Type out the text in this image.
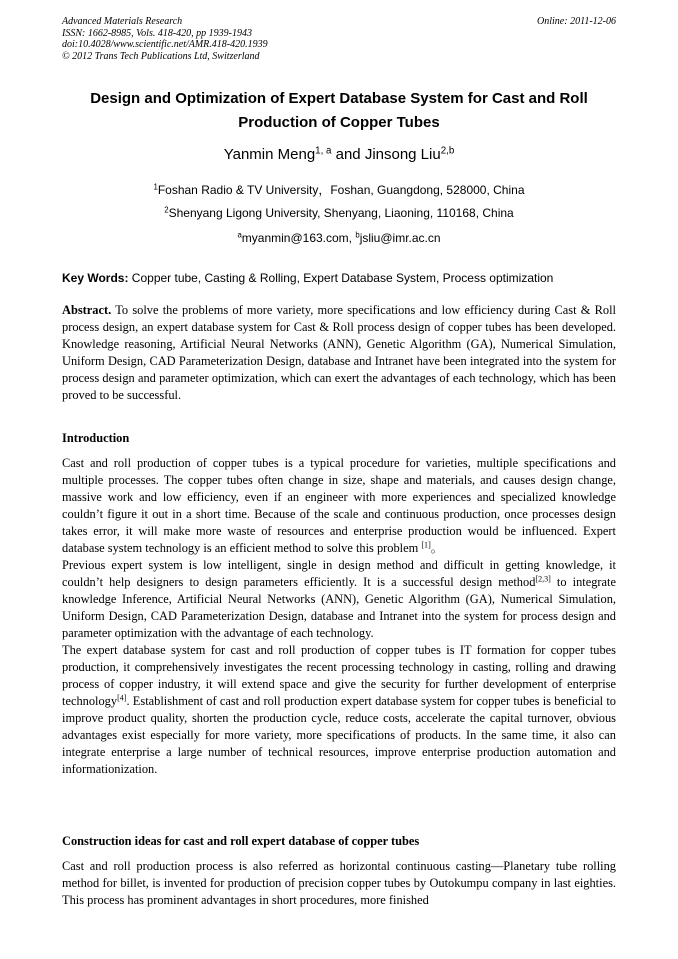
Advanced Materials Research
ISSN: 1662-8985, Vols. 418-420, pp 1939-1943
doi:10.4028/www.scientific.net/AMR.418-420.1939
© 2012 Trans Tech Publications Ltd, Switzerland
Online: 2011-12-06
Design and Optimization of Expert Database System for Cast and Roll Production of Copper Tubes
Yanmin Meng$^{1, a}$ and Jinsong Liu$^{2,b}$
$^1$Foshan Radio & TV University，Foshan, Guangdong, 528000, China
$^2$Shenyang Ligong University, Shenyang, Liaoning, 110168, China
$^a$myanmin@163.com, $^b$jsliu@imr.ac.cn
Key Words: Copper tube, Casting & Rolling, Expert Database System, Process optimization

Abstract. To solve the problems of more variety, more specifications and low efficiency during Cast & Roll process design, an expert database system for Cast & Roll process design of copper tubes has been developed. Knowledge reasoning, Artificial Neural Networks (ANN), Genetic Algorithm (GA), Numerical Simulation, Uniform Design, CAD Parameterization Design, database and Intranet have been integrated into the system for process design and parameter optimization, which can exert the advantages of each technology, which has been proved to be successful.

Introduction

Cast and roll production of copper tubes is a typical procedure for varieties, multiple specifications and multiple processes. The copper tubes often change in size, shape and materials, and causes design change, massive work and low efficiency, even if an engineer with more experiences and specialized knowledge couldn’t figure it out in a short time. Because of the scale and continuous production, once processes design takes error, it will make more waste of resources and enterprise production would be influenced. Expert database system technology is an efficient method to solve this problem [1]。

Previous expert system is low intelligent, single in design method and difficult in getting knowledge, it couldn’t help designers to design parameters efficiently. It is a successful design method[2,3] to integrate knowledge Inference, Artificial Neural Networks (ANN), Genetic Algorithm (GA), Numerical Simulation, Uniform Design, CAD Parameterization Design, database and Intranet into the system for process design and parameter optimization with the advantage of each technology.

The expert database system for cast and roll production of copper tubes is IT formation for copper tubes production, it comprehensively investigates the recent processing technology in casting, rolling and drawing process of copper industry, it will extend space and give the security for further development of enterprise technology[4]. Establishment of cast and roll production expert database system for copper tubes is beneficial to improve product quality, shorten the production cycle, reduce costs, accelerate the capital turnover, obvious advantages exist especially for more variety, more specifications of products. In the same time, it also can integrate enterprise a large number of technical resources, improve enterprise production automation and informationization.

Construction ideas for cast and roll expert database of copper tubes

Cast and roll production process is also referred as horizontal continuous casting—Planetary tube rolling method for billet, is invented for production of precision copper tubes by Outokumpu company in last eighties. This process has prominent advantages in short procedures, more finished
